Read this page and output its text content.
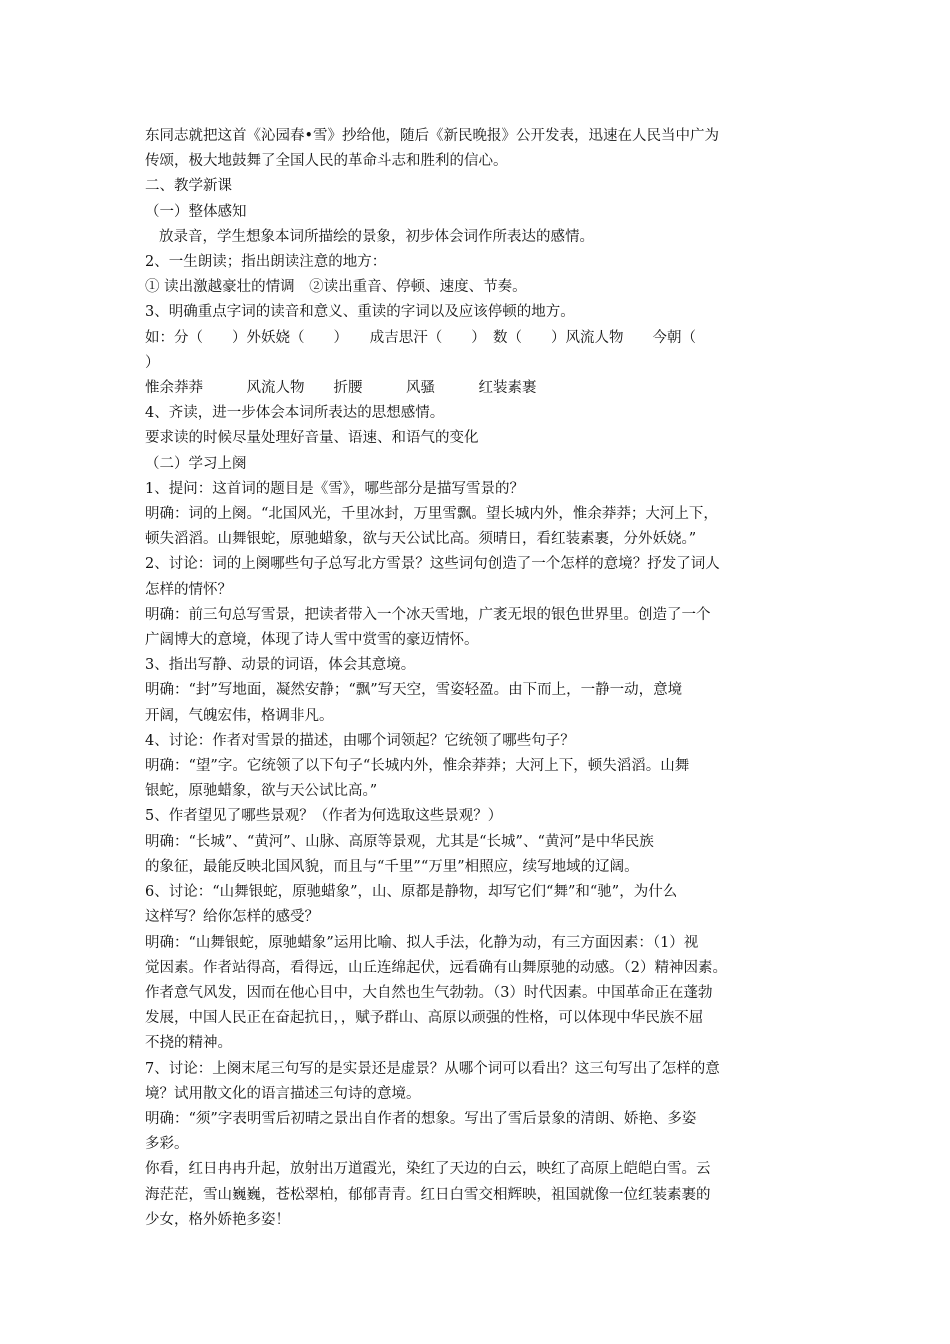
东同志就把这首《沁园春•雪》抄给他，随后《新民晚报》公开发表，迅速在人民当中广为
传颂，极大地鼓舞了全国人民的革命斗志和胜利的信心。
二、教学新课
（一）整体感知
放录音，学生想象本词所描绘的景象，初步体会词作所表达的感情。
2、一生朗读；指出朗读注意的地方：
① 读出激越豪壮的情调　②读出重音、停顿、速度、节奏。
3、明确重点字词的读音和意义、重读的字词以及应该停顿的地方。
如：分（　　）外妖娆（　　）　　成吉思汗（　　）　数（　　）风流人物　　今朝（
）
惟余莽莽　　　风流人物　　折腰　　　风骚　　　红装素裹
4、齐读，进一步体会本词所表达的思想感情。
要求读的时候尽量处理好音量、语速、和语气的变化
（二）学习上阕
1、提问：这首词的题目是《雪》，哪些部分是描写雪景的？
明确：词的上阕。“北国风光，千里冰封，万里雪飘。望长城内外，惟余莽莽；大河上下，
顿失滔滔。山舞银蛇，原驰蜡象，欲与天公试比高。须晴日，看红装素裹，分外妖娆。”
2、讨论：词的上阕哪些句子总写北方雪景？这些词句创造了一个怎样的意境？抒发了词人
怎样的情怀？
明确：前三句总写雪景，把读者带入一个冰天雪地，广袤无垠的银色世界里。创造了一个
广阔博大的意境，体现了诗人雪中赏雪的豪迈情怀。
3、指出写静、动景的词语，体会其意境。
明确：“封”写地面，凝然安静；“飘”写天空，雪姿轻盈。由下而上，一静一动，意境
开阔，气魄宏伟，格调非凡。
4、讨论：作者对雪景的描述，由哪个词领起？它统领了哪些句子？
明确：“望”字。它统领了以下句子“长城内外，惟余莽莽；大河上下，顿失滔滔。山舞
银蛇，原驰蜡象，欲与天公试比高。”
5、作者望见了哪些景观？（作者为何选取这些景观？）
明确：“长城”、“黄河”、山脉、高原等景观，尤其是“长城”、“黄河”是中华民族
的象征，最能反映北国风貌，而且与“千里”“万里”相照应，续写地域的辽阔。
6、讨论：“山舞银蛇，原驰蜡象”，山、原都是静物，却写它们“舞”和“驰”，为什么
这样写？给你怎样的感受？
明确：“山舞银蛇，原驰蜡象”运用比喻、拟人手法，化静为动，有三方面因素：（1）视
觉因素。作者站得高，看得远，山丘连绵起伏，远看确有山舞原驰的动感。（2）精神因素。
作者意气风发，因而在他心目中，大自然也生气勃勃。（3）时代因素。中国革命正在蓬勃
发展，中国人民正在奋起抗日，，赋予群山、高原以顽强的性格，可以体现中华民族不屈
不挠的精神。
7、讨论：上阕末尾三句写的是实景还是虚景？从哪个词可以看出？这三句写出了怎样的意
境？试用散文化的语言描述三句诗的意境。
明确：“须”字表明雪后初晴之景出自作者的想象。写出了雪后景象的清朗、娇艳、多姿
多彩。
你看，红日冉冉升起，放射出万道霞光，染红了天边的白云，映红了高原上皑皑白雪。云
海茫茫，雪山巍巍，苍松翠柏，郁郁青青。红日白雪交相辉映，祖国就像一位红装素裹的
少女，格外娇艳多姿！
